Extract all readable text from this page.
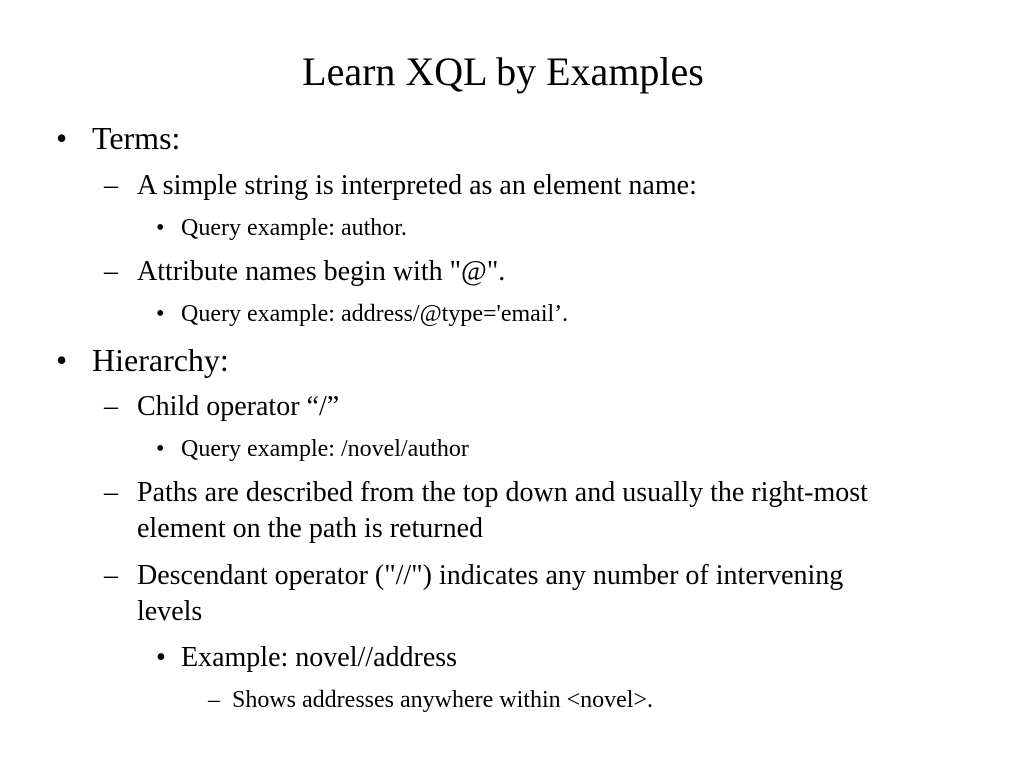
Learn XQL by Examples
• Terms:
– A simple string is interpreted as an element name:
• Query example: author.
– Attribute names begin with "@".
• Query example: address/@type='email’.
• Hierarchy:
– Child operator “/”
• Query example: /novel/author
– Paths are described from the top down and usually the right-most
element on the path is returned
– Descendant operator ("//") indicates any number of intervening
levels
• Example: novel//address
– Shows addresses anywhere within <novel>.
